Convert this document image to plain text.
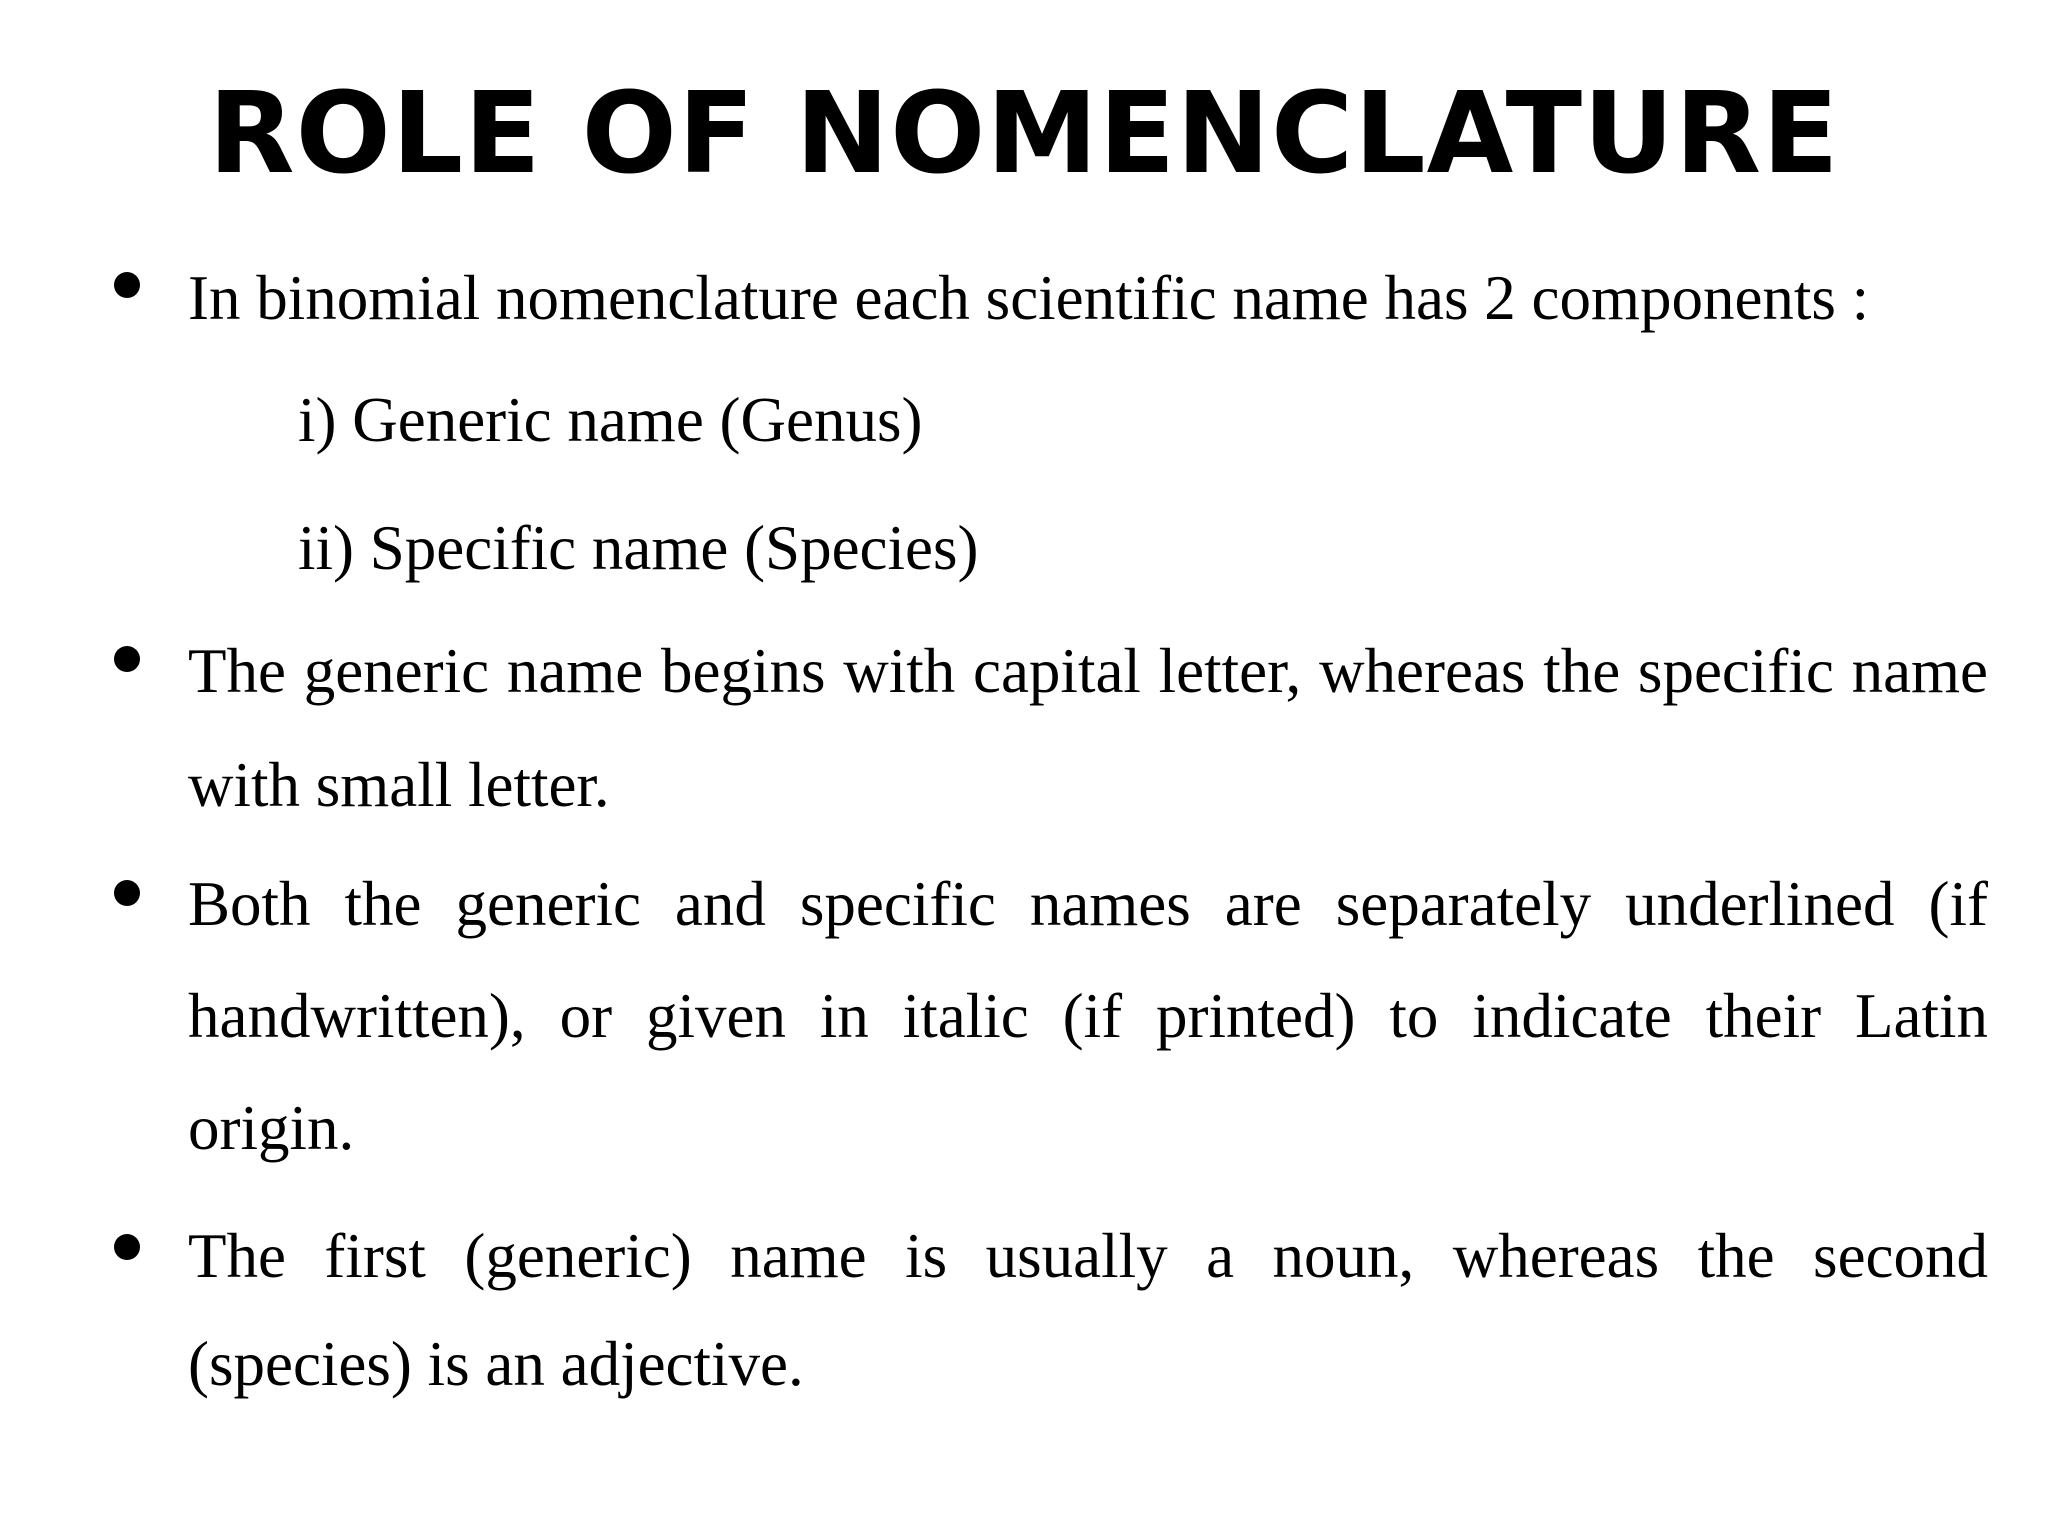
ROLE OF NOMENCLATURE
In binomial nomenclature each scientific name has 2 components :
i) Generic name (Genus)
ii) Specific name (Species)
The generic name begins with capital letter, whereas the specific name with small letter.
Both the generic and specific names are separately underlined (if handwritten), or given in italic (if printed) to indicate their Latin origin.
The first (generic) name is usually a noun, whereas the second (species) is an adjective.
